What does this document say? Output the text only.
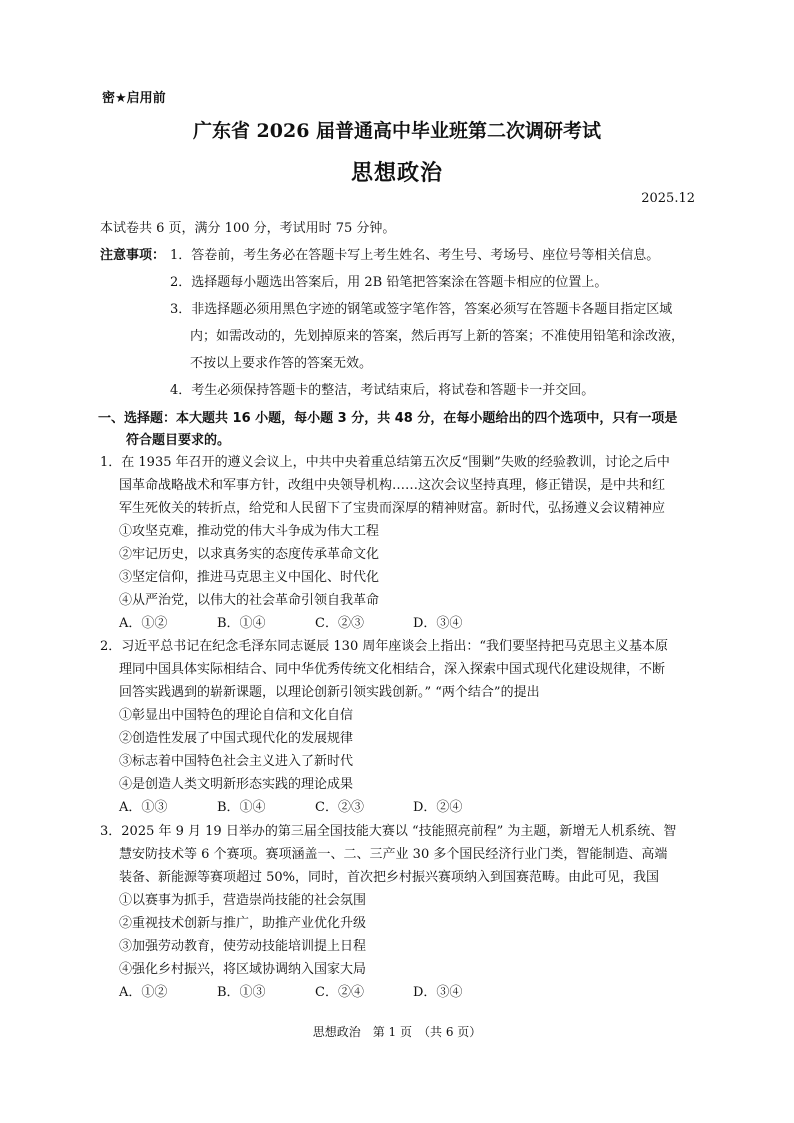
密★启用前
广东省 2026 届普通高中毕业班第二次调研考试
思想政治
2025.12
本试卷共 6 页，满分 100 分，考试用时 75 分钟。
注意事项： 1．答卷前，考生务必在答题卡写上考生姓名、考生号、考场号、座位号等相关信息。
2．选择题每小题选出答案后，用 2B 铅笔把答案涂在答题卡相应的位置上。
3．非选择题必须用黑色字迹的钢笔或签字笔作答，答案必须写在答题卡各题目指定区域
内；如需改动的，先划掉原来的答案，然后再写上新的答案；不准使用铅笔和涂改液，
不按以上要求作答的答案无效。
4．考生必须保持答题卡的整洁，考试结束后，将试卷和答题卡一并交回。
一、选择题：本大题共 16 小题，每小题 3 分，共 48 分，在每小题给出的四个选项中，只有一项是
符合题目要求的。
1．在 1935 年召开的遵义会议上，中共中央着重总结第五次反“围剿”失败的经验教训，讨论之后中
国革命战略战术和军事方针，改组中央领导机构……这次会议坚持真理，修正错误，是中共和红
军生死攸关的转折点，给党和人民留下了宝贵而深厚的精神财富。新时代，弘扬遵义会议精神应
①攻坚克难，推动党的伟大斗争成为伟大工程
②牢记历史，以求真务实的态度传承革命文化
③坚定信仰，推进马克思主义中国化、时代化
④从严治党，以伟大的社会革命引领自我革命
A．①②	B．①④	C．②③	D．③④
2．习近平总书记在纪念毛泽东同志诞辰 130 周年座谈会上指出：“我们要坚持把马克思主义基本原
理同中国具体实际相结合、同中华优秀传统文化相结合，深入探索中国式现代化建设规律，不断
回答实践遇到的崭新课题，以理论创新引领实践创新。” “两个结合”的提出
①彰显出中国特色的理论自信和文化自信
②创造性发展了中国式现代化的发展规律
③标志着中国特色社会主义进入了新时代
④是创造人类文明新形态实践的理论成果
A．①③	B．①④	C．②③	D．②④
3．2025 年 9 月 19 日举办的第三届全国技能大赛以 “技能照亮前程” 为主题，新增无人机系统、智
慧安防技术等 6 个赛项。赛项涵盖一、二、三产业 30 多个国民经济行业门类，智能制造、高端
装备、新能源等赛项超过 50%，同时，首次把乡村振兴赛项纳入到国赛范畴。由此可见，我国
①以赛事为抓手，营造崇尚技能的社会氛围
②重视技术创新与推广，助推产业优化升级
③加强劳动教育，使劳动技能培训提上日程
④强化乡村振兴，将区域协调纳入国家大局
A．①②	B．①③	C．②④	D．③④
思想政治　第 1 页　（共 6 页）
